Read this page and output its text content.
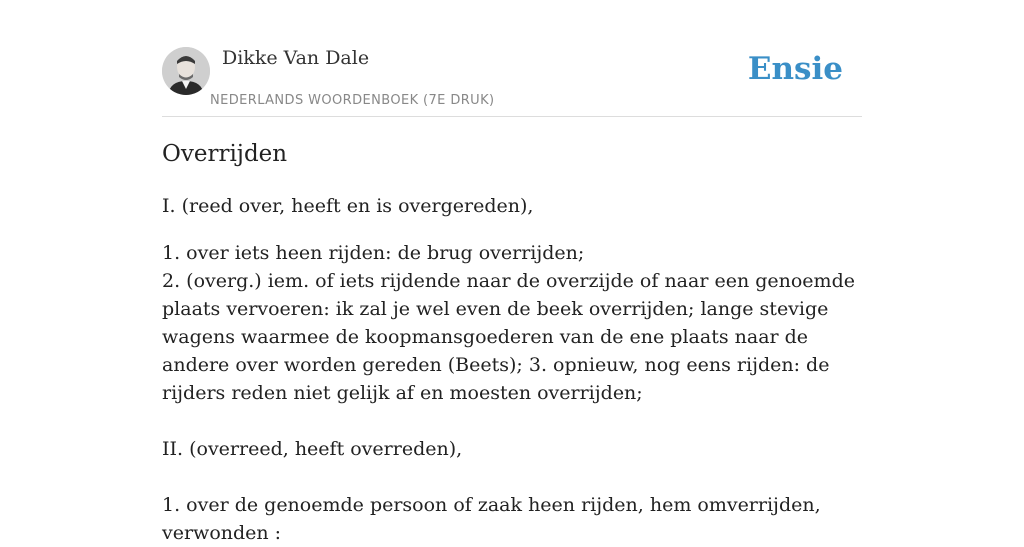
Dikke Van Dale
NEDERLANDS WOORDENBOEK (7E DRUK)
Ensie
Overrijden

I. (reed over, heeft en is overgereden),

1. over iets heen rijden: de brug overrijden;

2. (overg.) iem. of iets rijdende naar de overzijde of naar een genoemde plaats vervoeren: ik zal je wel even de beek overrijden; lange stevige wagens waarmee de koopmansgoederen van de ene plaats naar de andere over worden gereden (Beets); 3. opnieuw, nog eens rijden: de rijders reden niet gelijk af en moesten overrijden;

II. (overreed, heeft overreden),

1. over de genoemde persoon of zaak heen rijden, hem omverrijden, verwonden :
